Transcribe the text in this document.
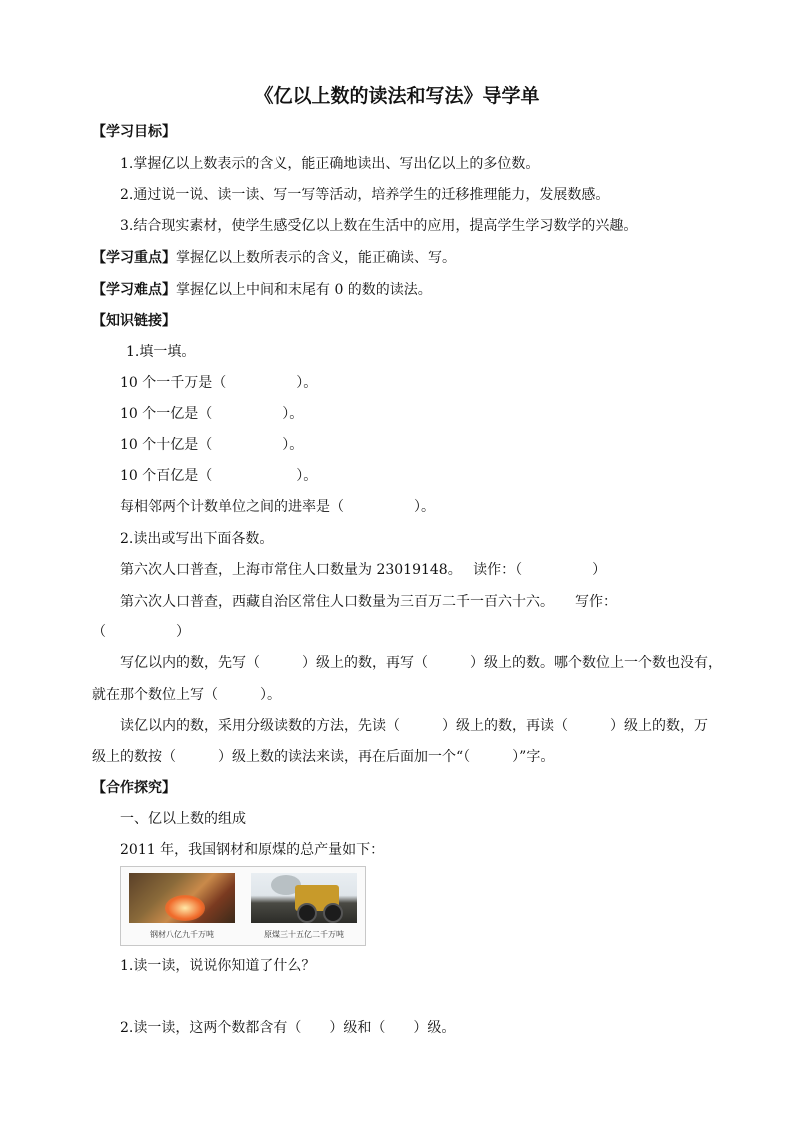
《亿以上数的读法和写法》导学单
【学习目标】
1.掌握亿以上数表示的含义，能正确地读出、写出亿以上的多位数。
2.通过说一说、读一读、写一写等活动，培养学生的迁移推理能力，发展数感。
3.结合现实素材，使学生感受亿以上数在生活中的应用，提高学生学习数学的兴趣。
【学习重点】掌握亿以上数所表示的含义，能正确读、写。
【学习难点】掌握亿以上中间和末尾有 0 的数的读法。
【知识链接】
1.填一填。
10 个一千万是（　　　　　）。
10 个一亿是（　　　　　）。
10 个十亿是（　　　　　）。
10 个百亿是（　　　　　　）。
每相邻两个计数单位之间的进率是（　　　　　）。
2.读出或写出下面各数。
第六次人口普查，上海市常住人口数量为 23019148。　 读作：（　　　　　）
第六次人口普查，西藏自治区常住人口数量为三百万二千一百六十六。　　写作：
（　　　　　）
写亿以内的数，先写（　　　）级上的数，再写（　　　）级上的数。哪个数位上一个数也没有，
就在那个数位上写（　　　）。
读亿以内的数，采用分级读数的方法，先读（　　　）级上的数，再读（　　　）级上的数，万
级上的数按（　　　）级上数的读法来读，再在后面加一个“（　　　）”字。
【合作探究】
一、亿以上数的组成
2011 年，我国钢材和原煤的总产量如下：
钢材八亿九千万吨	原煤三十五亿二千万吨
1.读一读，说说你知道了什么？
2.读一读，这两个数都含有（　　）级和（　　）级。
